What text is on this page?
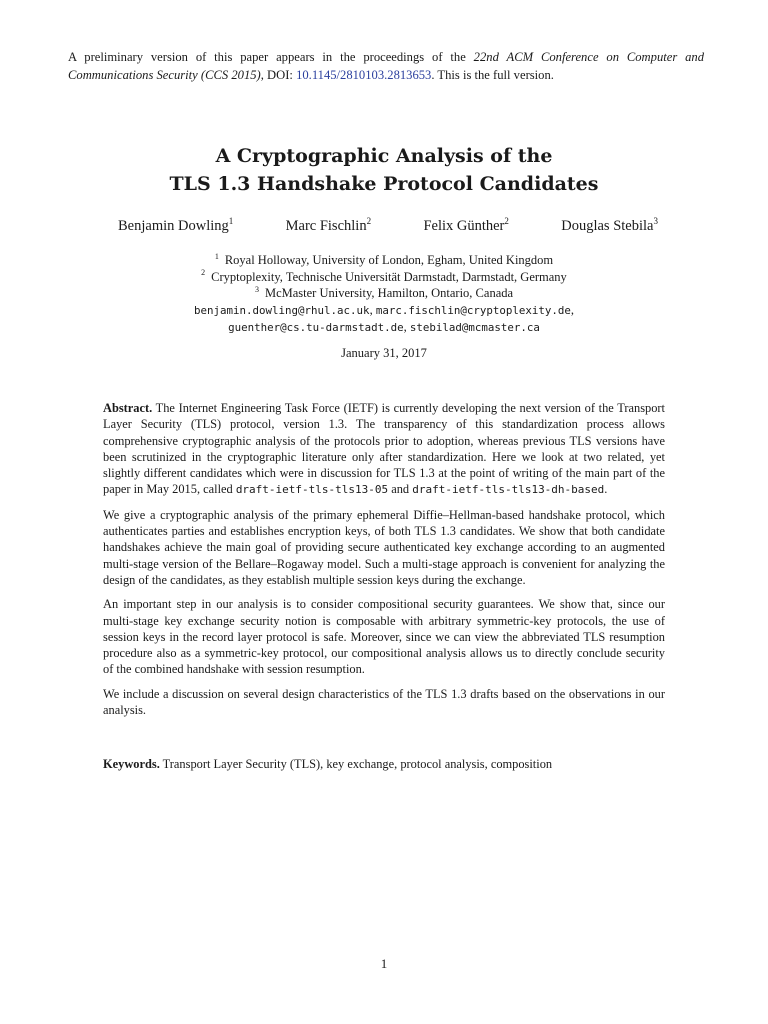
A preliminary version of this paper appears in the proceedings of the 22nd ACM Conference on Computer and Communications Security (CCS 2015), DOI: 10.1145/2810103.2813653. This is the full version.
A Cryptographic Analysis of the
TLS 1.3 Handshake Protocol Candidates
Benjamin Dowling$^1$	Marc Fischlin$^2$	Felix Günther$^2$	Douglas Stebila$^3$
$^1$ Royal Holloway, University of London, Egham, United Kingdom
$^2$ Cryptoplexity, Technische Universität Darmstadt, Darmstadt, Germany
$^3$ McMaster University, Hamilton, Ontario, Canada
benjamin.dowling@rhul.ac.uk, marc.fischlin@cryptoplexity.de,
guenther@cs.tu-darmstadt.de, stebilad@mcmaster.ca
January 31, 2017

Abstract. The Internet Engineering Task Force (IETF) is currently developing the next version of the Transport Layer Security (TLS) protocol, version 1.3. The transparency of this standardization process allows comprehensive cryptographic analysis of the protocols prior to adoption, whereas previous TLS versions have been scrutinized in the cryptographic literature only after standardization. Here we look at two related, yet slightly different candidates which were in discussion for TLS 1.3 at the point of writing of the main part of the paper in May 2015, called draft-ietf-tls-tls13-05 and draft-ietf-tls-tls13-dh-based.

We give a cryptographic analysis of the primary ephemeral Diffie–Hellman-based handshake protocol, which authenticates parties and establishes encryption keys, of both TLS 1.3 candidates. We show that both candidate handshakes achieve the main goal of providing secure authenticated key exchange according to an augmented multi-stage version of the Bellare–Rogaway model. Such a multi-stage approach is convenient for analyzing the design of the candidates, as they establish multiple session keys during the exchange.

An important step in our analysis is to consider compositional security guarantees. We show that, since our multi-stage key exchange security notion is composable with arbitrary symmetric-key protocols, the use of session keys in the record layer protocol is safe. Moreover, since we can view the abbreviated TLS resumption procedure also as a symmetric-key protocol, our compositional analysis allows us to directly conclude security of the combined handshake with session resumption.

We include a discussion on several design characteristics of the TLS 1.3 drafts based on the observations in our analysis.

Keywords. Transport Layer Security (TLS), key exchange, protocol analysis, composition
1
